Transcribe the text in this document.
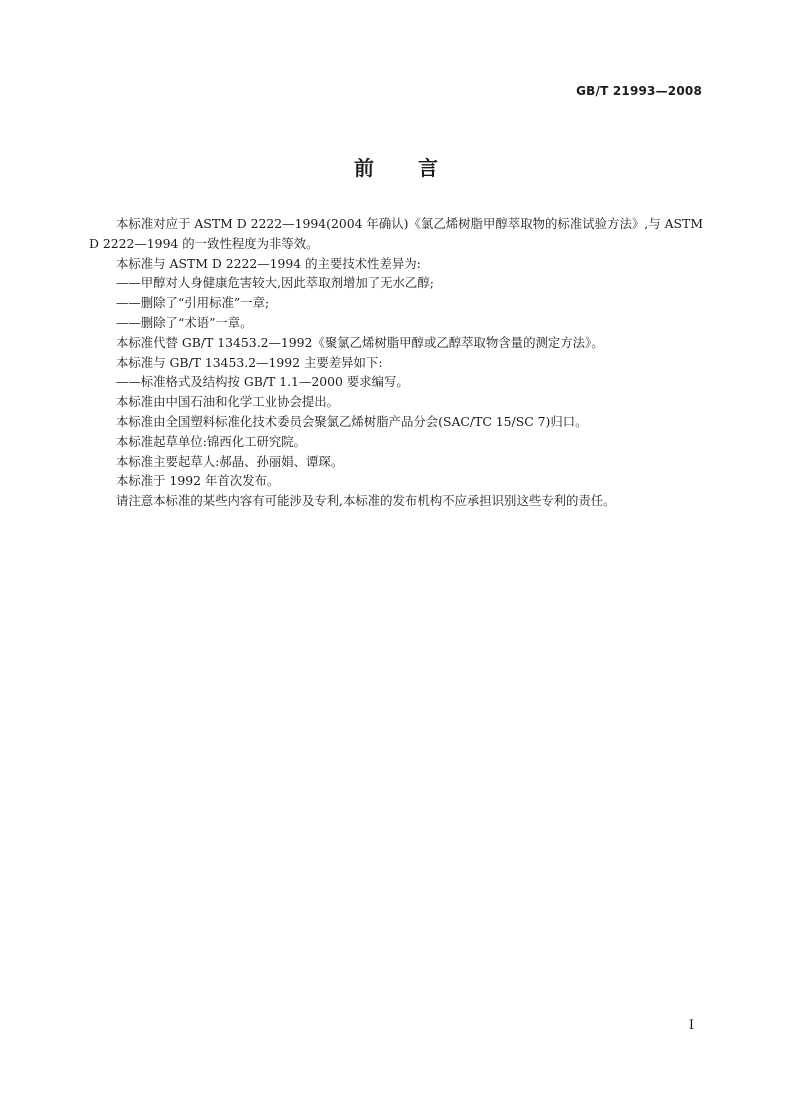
GB/T 21993—2008
前言

本标准对应于 ASTM D 2222—1994(2004 年确认)《氯乙烯树脂甲醇萃取物的标准试验方法》,与 ASTM D 2222—1994 的一致性程度为非等效。

本标准与 ASTM D 2222—1994 的主要技术性差异为:

——甲醇对人身健康危害较大,因此萃取剂增加了无水乙醇;

——删除了“引用标准”一章;

——删除了“术语”一章。

本标准代替 GB/T 13453.2—1992《聚氯乙烯树脂甲醇或乙醇萃取物含量的测定方法》。

本标准与 GB/T 13453.2—1992 主要差异如下:

——标准格式及结构按 GB/T 1.1—2000 要求编写。

本标准由中国石油和化学工业协会提出。

本标准由全国塑料标准化技术委员会聚氯乙烯树脂产品分会(SAC/TC 15/SC 7)归口。

本标准起草单位:锦西化工研究院。

本标准主要起草人:郝晶、孙丽娟、谭琛。

本标准于 1992 年首次发布。

请注意本标准的某些内容有可能涉及专利,本标准的发布机构不应承担识别这些专利的责任。

I
